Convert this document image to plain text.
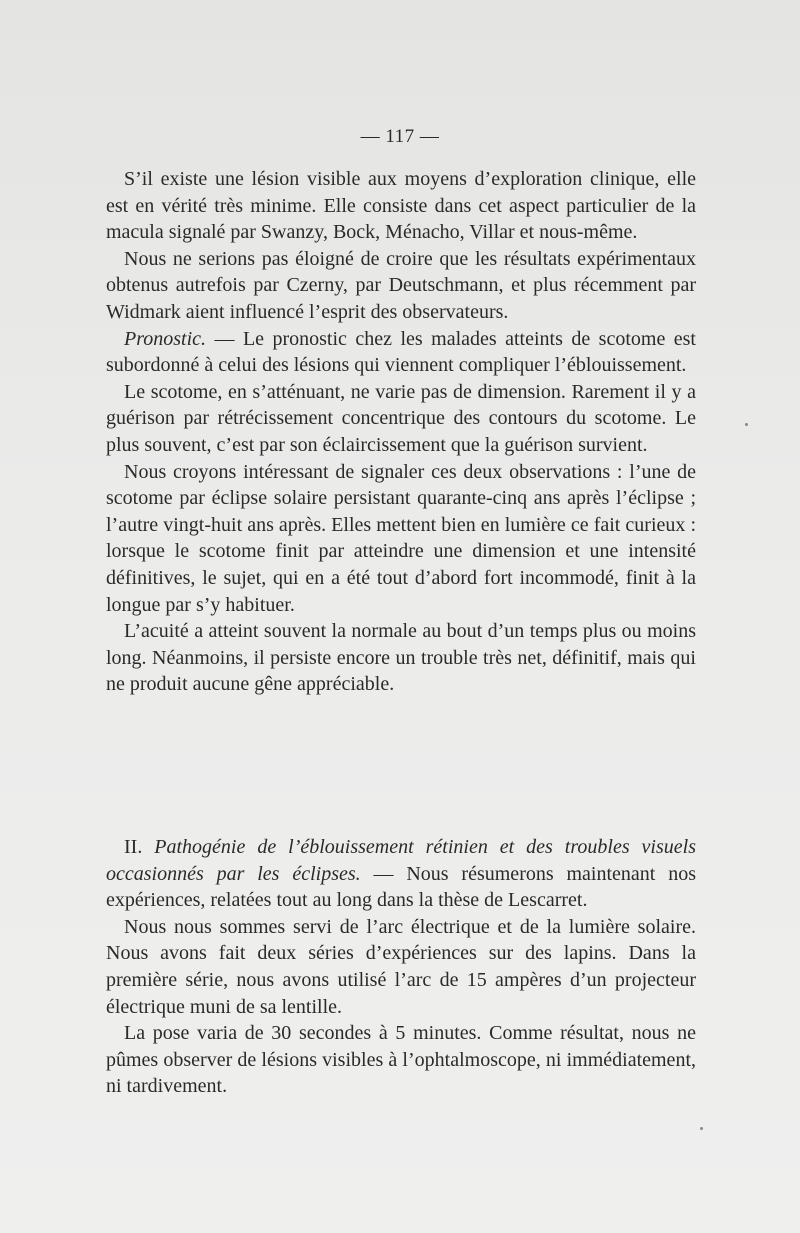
— 117 —

S’il existe une lésion visible aux moyens d’exploration clinique, elle est en vérité très minime. Elle consiste dans cet aspect particulier de la macula signalé par Swanzy, Bock, Ménacho, Villar et nous-même.

Nous ne serions pas éloigné de croire que les résultats expérimentaux obtenus autrefois par Czerny, par Deutschmann, et plus récemment par Widmark aient influencé l’esprit des observateurs.

Pronostic. — Le pronostic chez les malades atteints de scotome est subordonné à celui des lésions qui viennent compliquer l’éblouissement.

Le scotome, en s’atténuant, ne varie pas de dimension. Rarement il y a guérison par rétrécissement concentrique des contours du scotome. Le plus souvent, c’est par son éclaircissement que la guérison survient.

Nous croyons intéressant de signaler ces deux observations : l’une de scotome par éclipse solaire persistant quarante-cinq ans après l’éclipse ; l’autre vingt-huit ans après. Elles mettent bien en lumière ce fait curieux : lorsque le scotome finit par atteindre une dimension et une intensité définitives, le sujet, qui en a été tout d’abord fort incommodé, finit à la longue par s’y habituer.

L’acuité a atteint souvent la normale au bout d’un temps plus ou moins long. Néanmoins, il persiste encore un trouble très net, définitif, mais qui ne produit aucune gêne appréciable.

II. Pathogénie de l’éblouissement rétinien et des troubles visuels occasionnés par les éclipses. — Nous résumerons maintenant nos expériences, relatées tout au long dans la thèse de Lescarret.

Nous nous sommes servi de l’arc électrique et de la lumière solaire. Nous avons fait deux séries d’expériences sur des lapins. Dans la première série, nous avons utilisé l’arc de 15 ampères d’un projecteur électrique muni de sa lentille.

La pose varia de 30 secondes à 5 minutes. Comme résultat, nous ne pûmes observer de lésions visibles à l’ophtalmoscope, ni immédiatement, ni tardivement.
